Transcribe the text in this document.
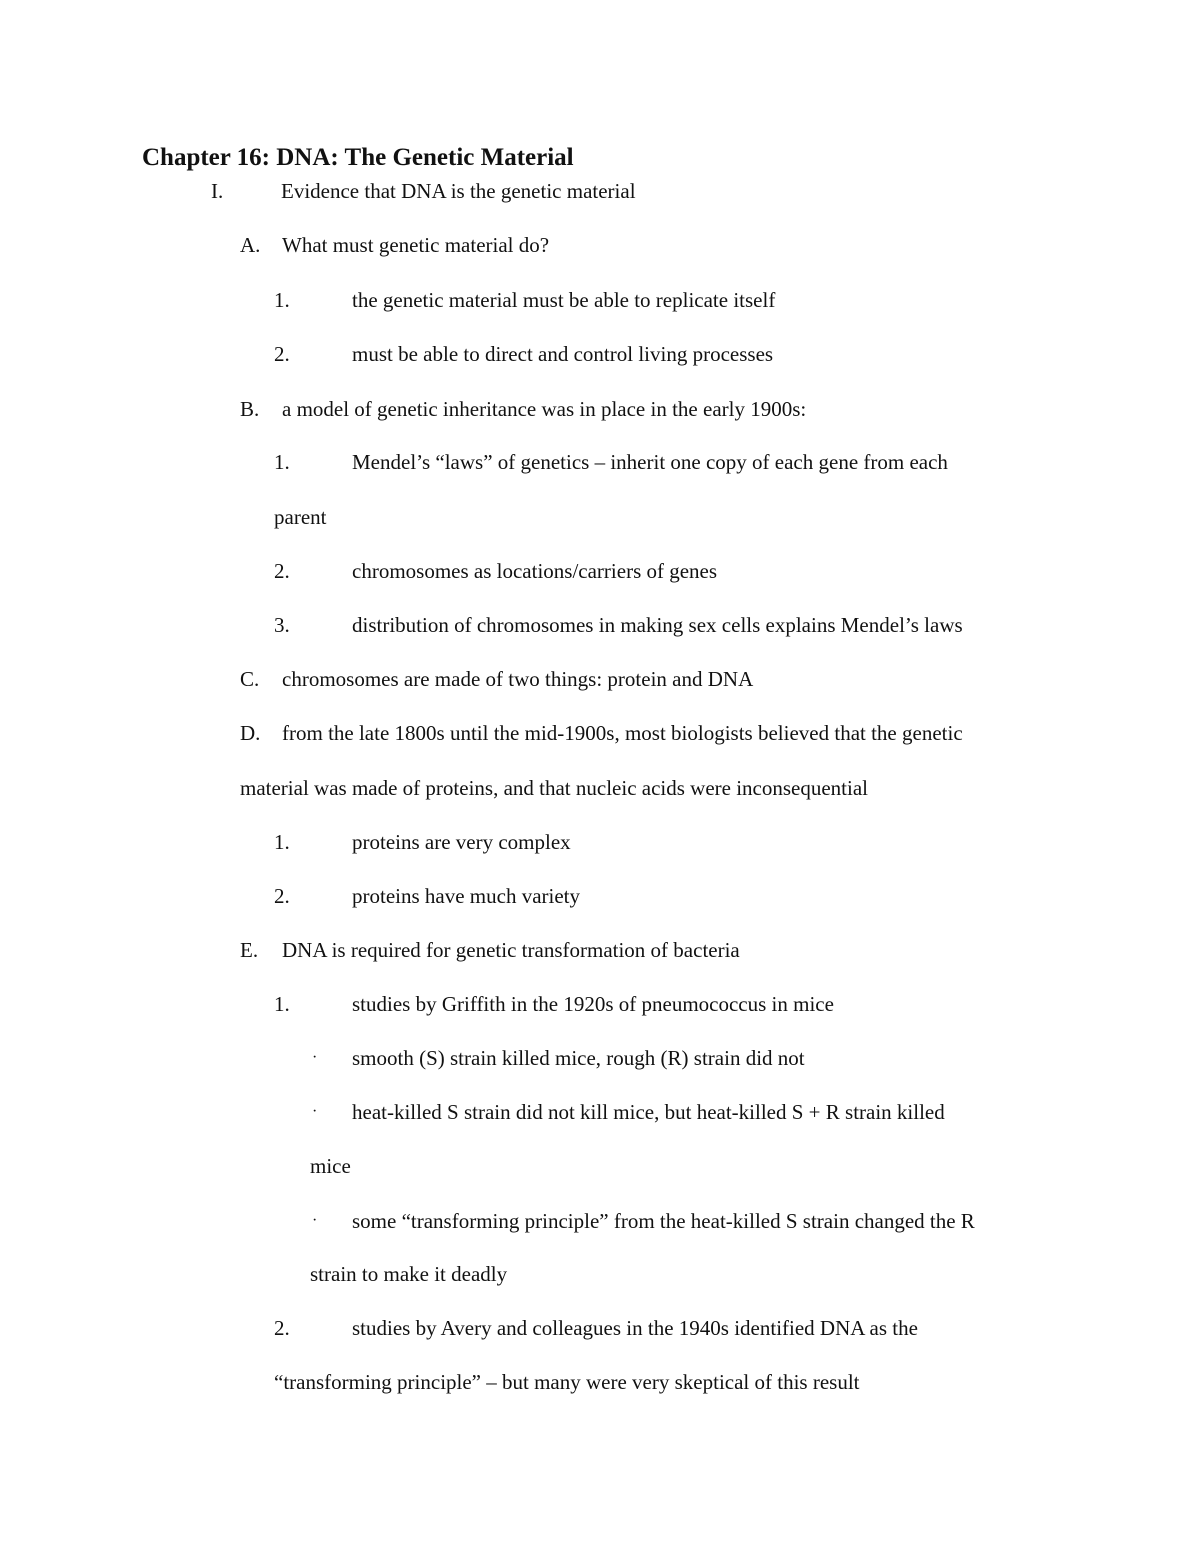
Chapter 16: DNA: The Genetic Material
I.	Evidence that DNA is the genetic material
A. What must genetic material do?
1.	the genetic material must be able to replicate itself
2.	must be able to direct and control living processes
B. a model of genetic inheritance was in place in the early 1900s:
1.	Mendel’s “laws” of genetics – inherit one copy of each gene from each
parent
2.	chromosomes as locations/carriers of genes
3.	distribution of chromosomes in making sex cells explains Mendel’s laws
C. chromosomes are made of two things: protein and DNA
D. from the late 1800s until the mid-1900s, most biologists believed that the genetic
material was made of proteins, and that nucleic acids were inconsequential
1.	proteins are very complex
2.	proteins have much variety
E. DNA is required for genetic transformation of bacteria
1.	studies by Griffith in the 1920s of pneumococcus in mice
· smooth (S) strain killed mice, rough (R) strain did not
· heat-killed S strain did not kill mice, but heat-killed S + R strain killed
mice
· some “transforming principle” from the heat-killed S strain changed the R
strain to make it deadly
2.	studies by Avery and colleagues in the 1940s identified DNA as the
“transforming principle” – but many were very skeptical of this result
